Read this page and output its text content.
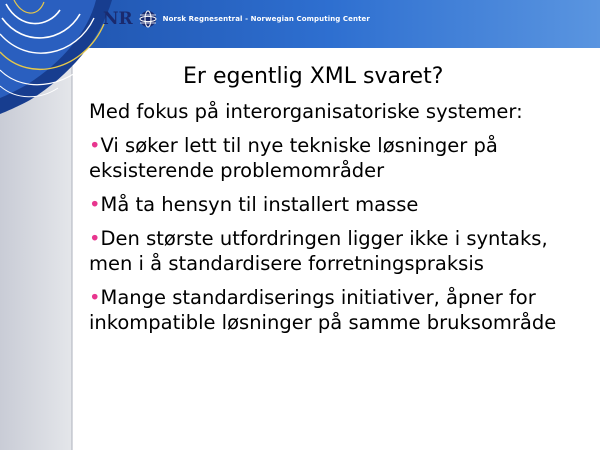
NR	Norsk Regnesentral - Norwegian Computing Center
Er egentlig XML svaret?
Med fokus på interorganisatoriske systemer:
•Vi søker lett til nye tekniske løsninger på eksisterende problemområder
•Må ta hensyn til installert masse
•Den største utfordringen ligger ikke i syntaks, men i å standardisere forretningspraksis
•Mange standardiserings initiativer, åpner for inkompatible løsninger på samme bruksområde
